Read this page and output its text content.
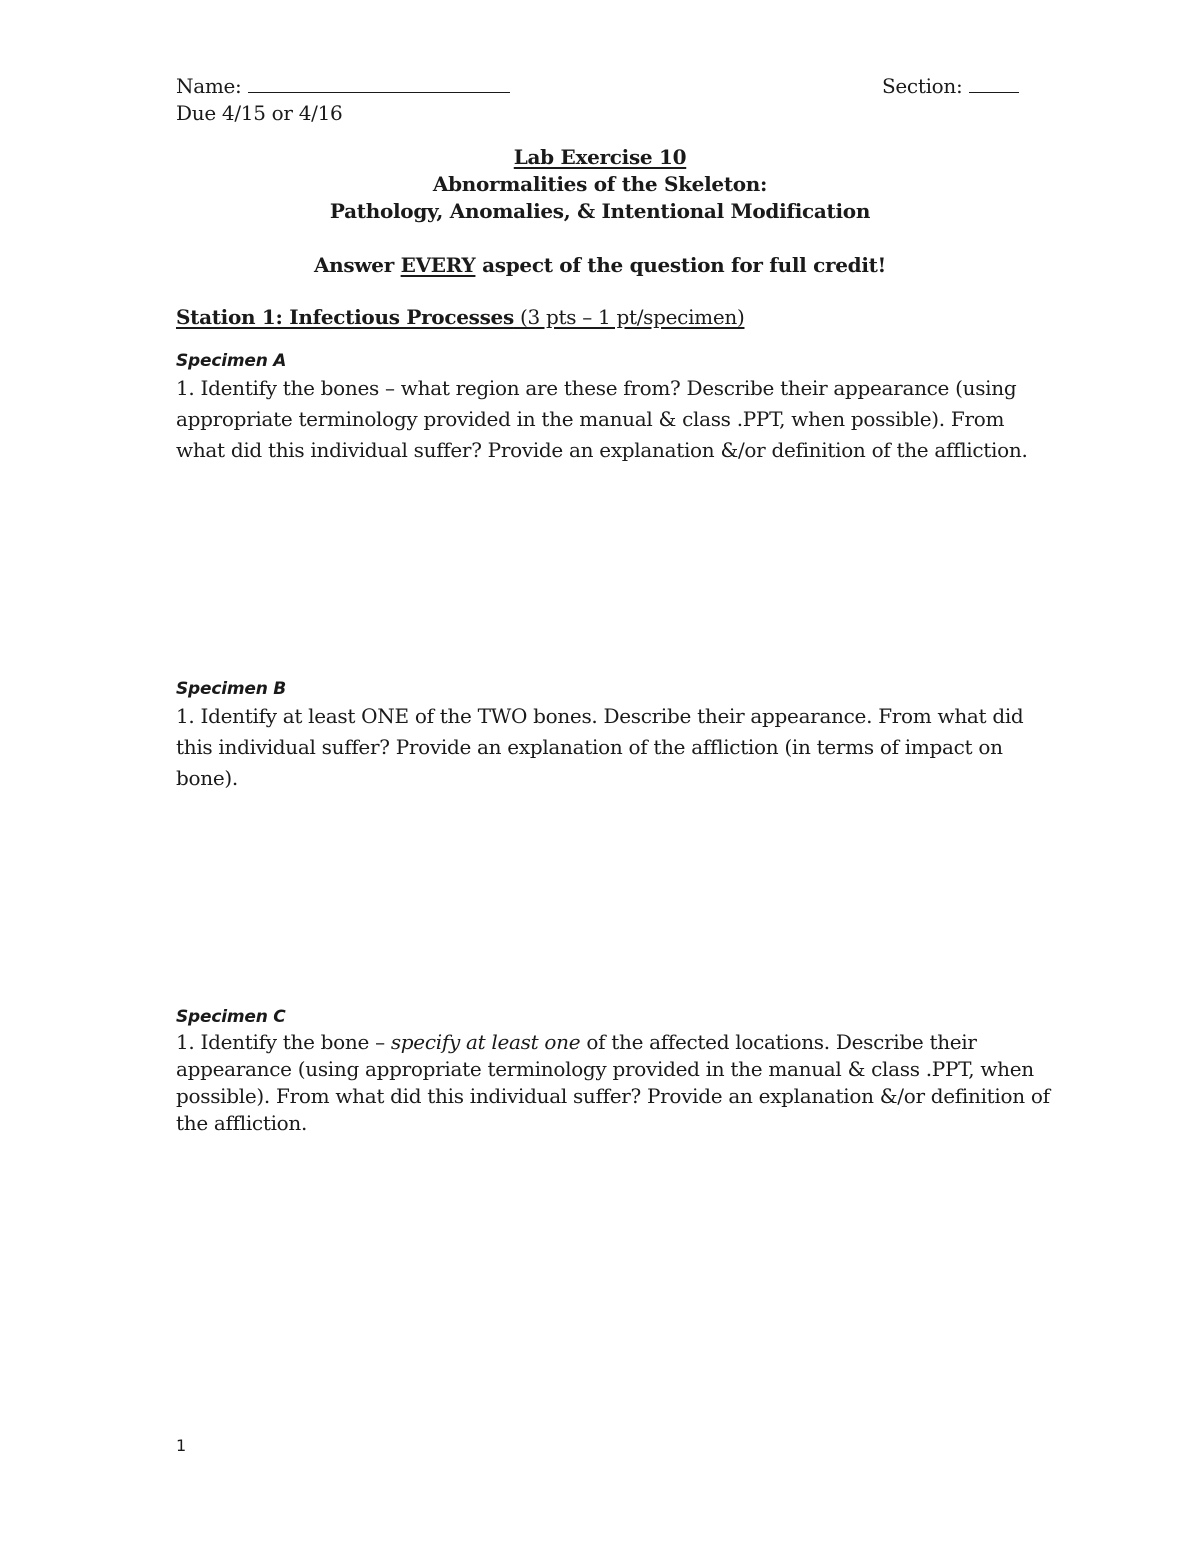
Name:	Section:
Due 4/15 or 4/16
Lab Exercise 10
Abnormalities of the Skeleton:
Pathology, Anomalies, & Intentional Modification
Answer EVERY aspect of the question for full credit!
Station 1: Infectious Processes (3 pts – 1 pt/specimen)
Specimen A
1. Identify the bones – what region are these from? Describe their appearance (using
appropriate terminology provided in the manual & class .PPT, when possible). From
what did this individual suffer? Provide an explanation &/or definition of the affliction.
Specimen B
1. Identify at least ONE of the TWO bones. Describe their appearance. From what did
this individual suffer? Provide an explanation of the affliction (in terms of impact on
bone).
Specimen C
1. Identify the bone – specify at least one of the affected locations. Describe their
appearance (using appropriate terminology provided in the manual & class .PPT, when
possible). From what did this individual suffer? Provide an explanation &/or definition of
the affliction.
1
